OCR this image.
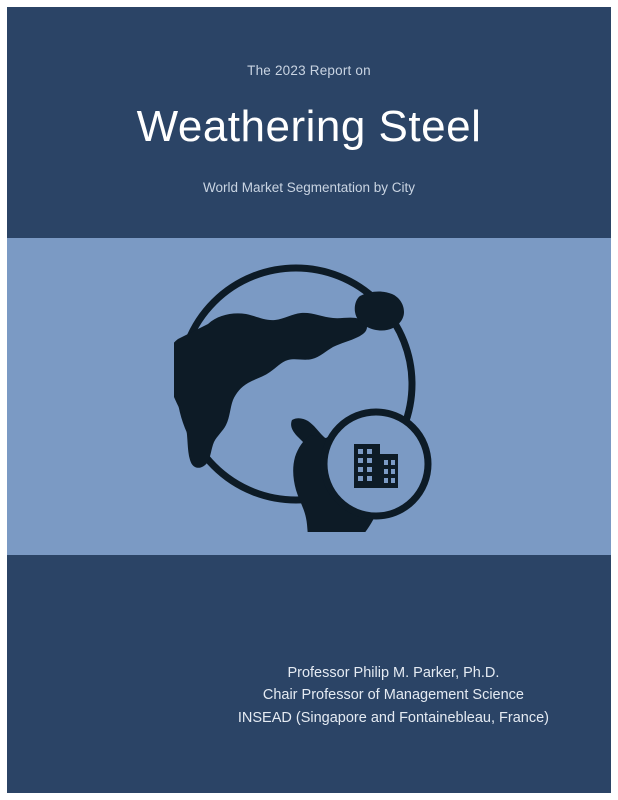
The 2023 Report on
Weathering Steel
World Market Segmentation by City
Professor Philip M. Parker, Ph.D.
Chair Professor of Management Science
INSEAD (Singapore and Fontainebleau, France)
